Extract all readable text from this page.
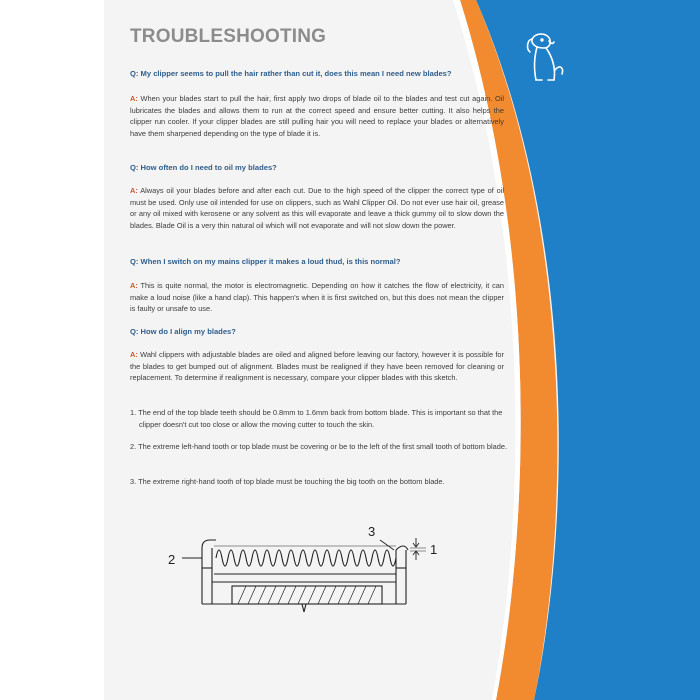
TROUBLESHOOTING
Q: My clipper seems to pull the hair rather than cut it, does this mean I need new blades?
A: When your blades start to pull the hair, first apply two drops of blade oil to the blades and test cut again. Oil lubricates the blades and allows them to run at the correct speed and ensure better cutting. It also helps the clipper run cooler. If your clipper blades are still pulling hair you will need to replace your blades or alternatively have them sharpened depending on the type of blade it is.
Q: How often do I need to oil my blades?
A: Always oil your blades before and after each cut. Due to the high speed of the clipper the correct type of oil must be used. Only use oil intended for use on clippers, such as Wahl Clipper Oil. Do not ever use hair oil, grease or any oil mixed with kerosene or any solvent as this will evaporate and leave a thick gummy oil to slow down the blades. Blade Oil is a very thin natural oil which will not evaporate and will not slow down the power.
Q: When I switch on my mains clipper it makes a loud thud, is this normal?
A: This is quite normal, the motor is electromagnetic. Depending on how it catches the flow of electricity, it can make a loud noise (like a hand clap). This happen's when it is first switched on, but this does not mean the clipper is faulty or unsafe to use.
Q: How do I align my blades?
A: Wahl clippers with adjustable blades are oiled and aligned before leaving our factory, however it is possible for the blades to get bumped out of alignment. Blades must be realigned if they have been removed for cleaning or replacement. To determine if realignment is necessary, compare your clipper blades with this sketch.
1. The end of the top blade teeth should be 0.8mm to 1.6mm back from bottom blade. This is important so that the clipper doesn't cut too close or allow the moving cutter to touch the skin.
2. The extreme left-hand tooth or top blade must be covering or be to the left of the first small tooth of bottom blade.
3. The extreme right-hand tooth of top blade must be touching the big tooth on the bottom blade.
2
3
1
